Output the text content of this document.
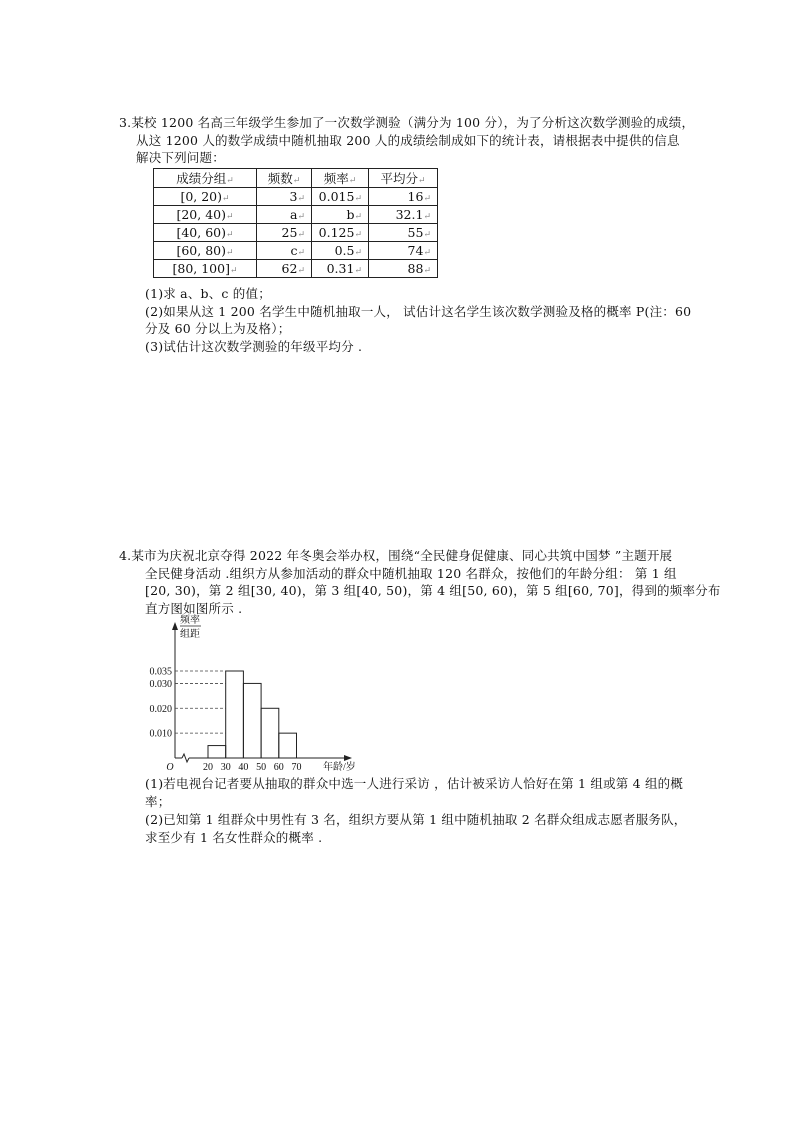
3.某校 1200 名高三年级学生参加了一次数学测验（满分为 100 分），为了分析这次数学测验的成绩，
从这 1200 人的数学成绩中随机抽取 200 人的成绩绘制成如下的统计表，请根据表中提供的信息
解决下列问题：
成绩分组↵	频数↵	频率↵	平均分↵
[0, 20)↵	3↵	0.015↵	16↵
[20, 40)↵	a↵	b↵	32.1↵
[40, 60)↵	25↵	0.125↵	55↵
[60, 80)↵	c↵	0.5↵	74↵
[80, 100]↵	62↵	0.31↵	88↵
(1)求 a、b、c 的值；
(2)如果从这 1 200 名学生中随机抽取一人， 试估计这名学生该次数学测验及格的概率 P(注：60
分及 60 分以上为及格）；
(3)试估计这次数学测验的年级平均分 .
4.某市为庆祝北京夺得 2022 年冬奥会举办权，围绕“全民健身促健康、同心共筑中国梦 ”主题开展
全民健身活动 .组织方从参加活动的群众中随机抽取 120 名群众，按他们的年龄分组： 第 1 组
[20, 30)，第 2 组[30, 40)，第 3 组[40, 50)，第 4 组[50, 60)，第 5 组[60, 70]，得到的频率分布
直方图如图所示 .
0.010
0.020
0.030
0.035
20 30 40 50 60 70
O	年龄/岁
频率
组距
(1)若电视台记者要从抽取的群众中选一人进行采访 ，估计被采访人恰好在第 1 组或第 4 组的概
率；
(2)已知第 1 组群众中男性有 3 名，组织方要从第 1 组中随机抽取 2 名群众组成志愿者服务队，
求至少有 1 名女性群众的概率 .
